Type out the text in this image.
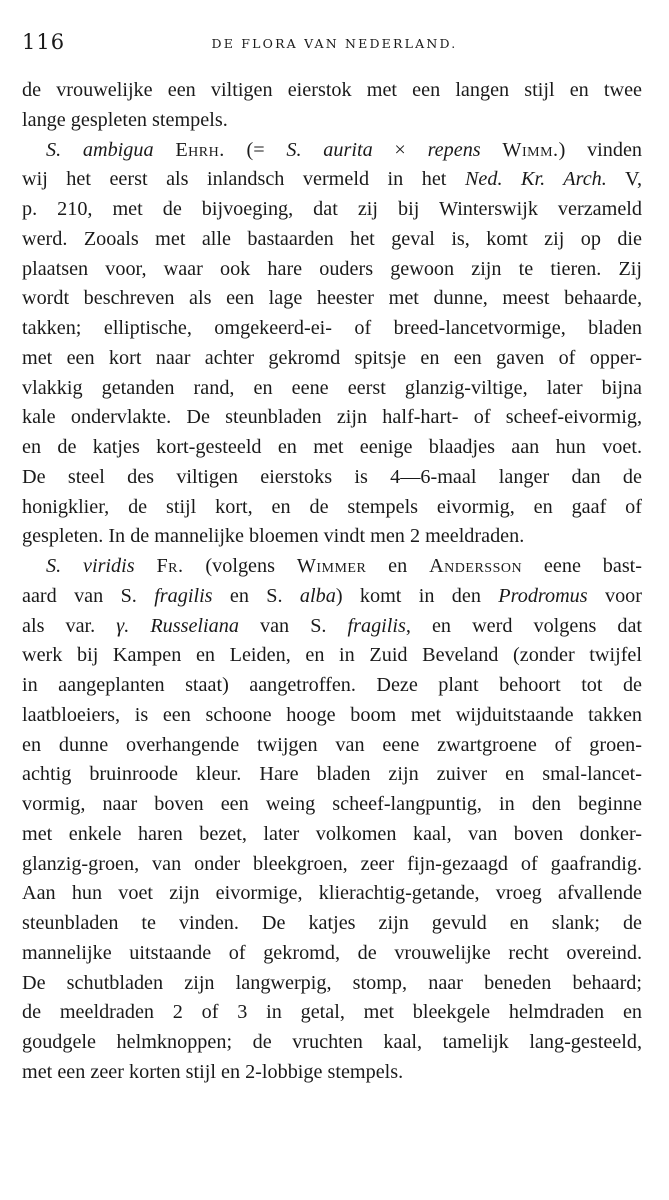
116	DE FLORA VAN NEDERLAND.
de vrouwelijke een viltigen eierstok met een langen stijl en twee
lange gespleten stempels.
S. ambigua Ehrh. (= S. aurita × repens Wimm.) vinden
wij het eerst als inlandsch vermeld in het Ned. Kr. Arch. V,
p. 210, met de bijvoeging, dat zij bij Winterswijk verzameld
werd. Zooals met alle bastaarden het geval is, komt zij op die
plaatsen voor, waar ook hare ouders gewoon zijn te tieren. Zij
wordt beschreven als een lage heester met dunne, meest behaarde,
takken; elliptische, omgekeerd-ei- of breed-lancetvormige, bladen
met een kort naar achter gekromd spitsje en een gaven of opper-
vlakkig getanden rand, en eene eerst glanzig-viltige, later bijna
kale ondervlakte. De steunbladen zijn half-hart- of scheef-eivormig,
en de katjes kort-gesteeld en met eenige blaadjes aan hun voet.
De steel des viltigen eierstoks is 4—6-maal langer dan de
honigklier, de stijl kort, en de stempels eivormig, en gaaf of
gespleten. In de mannelijke bloemen vindt men 2 meeldraden.
S. viridis Fr. (volgens Wimmer en Andersson eene bast-
aard van S. fragilis en S. alba) komt in den Prodromus voor
als var. γ. Russeliana van S. fragilis, en werd volgens dat
werk bij Kampen en Leiden, en in Zuid Beveland (zonder twijfel
in aangeplanten staat) aangetroffen. Deze plant behoort tot de
laatbloeiers, is een schoone hooge boom met wijduitstaande takken
en dunne overhangende twijgen van eene zwartgroene of groen-
achtig bruinroode kleur. Hare bladen zijn zuiver en smal-lancet-
vormig, naar boven een weing scheef-langpuntig, in den beginne
met enkele haren bezet, later volkomen kaal, van boven donker-
glanzig-groen, van onder bleekgroen, zeer fijn-gezaagd of gaafrandig.
Aan hun voet zijn eivormige, klierachtig-getande, vroeg afvallende
steunbladen te vinden. De katjes zijn gevuld en slank; de
mannelijke uitstaande of gekromd, de vrouwelijke recht overeind.
De schutbladen zijn langwerpig, stomp, naar beneden behaard;
de meeldraden 2 of 3 in getal, met bleekgele helmdraden en
goudgele helmknoppen; de vruchten kaal, tamelijk lang-gesteeld,
met een zeer korten stijl en 2-lobbige stempels.
